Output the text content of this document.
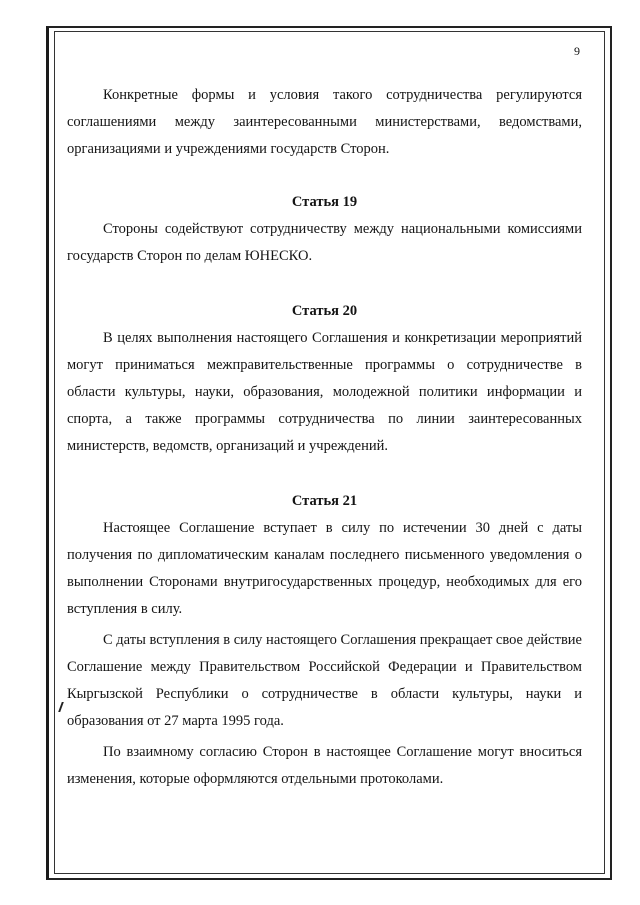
9

Конкретные формы и условия такого сотрудничества регулируются соглашениями между заинтересованными министерствами, ведомствами, организациями и учреждениями государств Сторон.

Статья 19

Стороны содействуют сотрудничеству между национальными комиссиями государств Сторон по делам ЮНЕСКО.

Статья 20

В целях выполнения настоящего Соглашения и конкретизации мероприятий могут приниматься межправительственные программы о сотрудничестве в области культуры, науки, образования, молодежной политики информации и спорта, а также программы сотрудничества по линии заинтересованных министерств, ведомств, организаций и учреждений.

Статья 21

Настоящее Соглашение вступает в силу по истечении 30 дней с даты получения по дипломатическим каналам последнего письменного уведомления о выполнении Сторонами внутригосударственных процедур, необходимых для его вступления в силу.

С даты вступления в силу настоящего Соглашения прекращает свое действие Соглашение между Правительством Российской Федерации и Правительством Кыргызской Республики о сотрудничестве в области культуры, науки и образования от 27 марта 1995 года.

По взаимному согласию Сторон в настоящее Соглашение могут вноситься изменения, которые оформляются отдельными протоколами.
